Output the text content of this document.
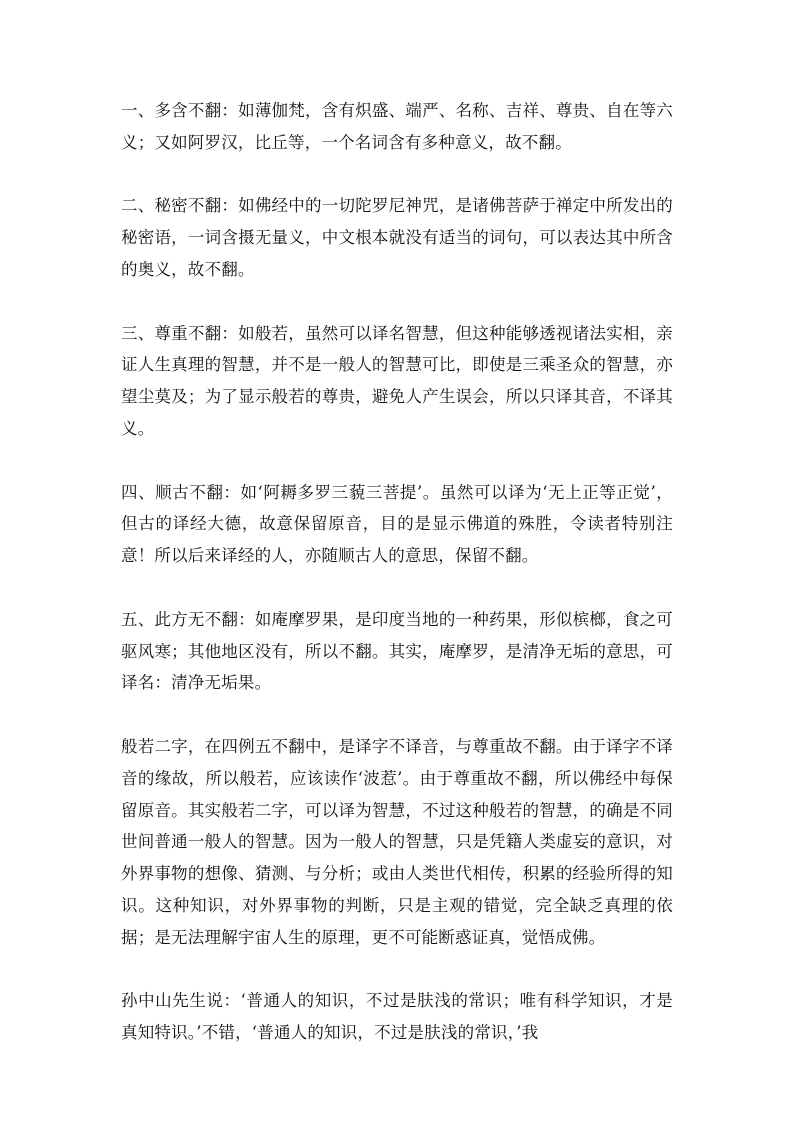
一、多含不翻：如薄伽梵，含有炽盛、端严、名称、吉祥、尊贵、自在等六义；又如阿罗汉，比丘等，一个名词含有多种意义，故不翻。

二、秘密不翻：如佛经中的一切陀罗尼神咒，是诸佛菩萨于禅定中所发出的秘密语，一词含摄无量义，中文根本就没有适当的词句，可以表达其中所含的奥义，故不翻。

三、尊重不翻：如般若，虽然可以译名智慧，但这种能够透视诸法实相，亲证人生真理的智慧，并不是一般人的智慧可比，即使是三乘圣众的智慧，亦望尘莫及；为了显示般若的尊贵，避免人产生误会，所以只译其音，不译其义。

四、顺古不翻：如‘阿耨多罗三藐三菩提’。虽然可以译为‘无上正等正觉’，但古的译经大德，故意保留原音，目的是显示佛道的殊胜，令读者特别注意！所以后来译经的人，亦随顺古人的意思，保留不翻。

五、此方无不翻：如庵摩罗果，是印度当地的一种药果，形似槟榔，食之可驱风寒；其他地区没有，所以不翻。其实，庵摩罗，是清净无垢的意思，可译名：清净无垢果。

般若二字，在四例五不翻中，是译字不译音，与尊重故不翻。由于译字不译音的缘故，所以般若，应该读作‘波惹’。由于尊重故不翻，所以佛经中每保留原音。其实般若二字，可以译为智慧，不过这种般若的智慧，的确是不同世间普通一般人的智慧。因为一般人的智慧，只是凭籍人类虚妄的意识，对外界事物的想像、猜测、与分析；或由人类世代相传，积累的经验所得的知识。这种知识，对外界事物的判断，只是主观的错觉，完全缺乏真理的依据；是无法理解宇宙人生的原理，更不可能断惑证真，觉悟成佛。

孙中山先生说：‘普通人的知识，不过是肤浅的常识；唯有科学知识，才是真知特识。’不错，‘普通人的知识，不过是肤浅的常识，’我
